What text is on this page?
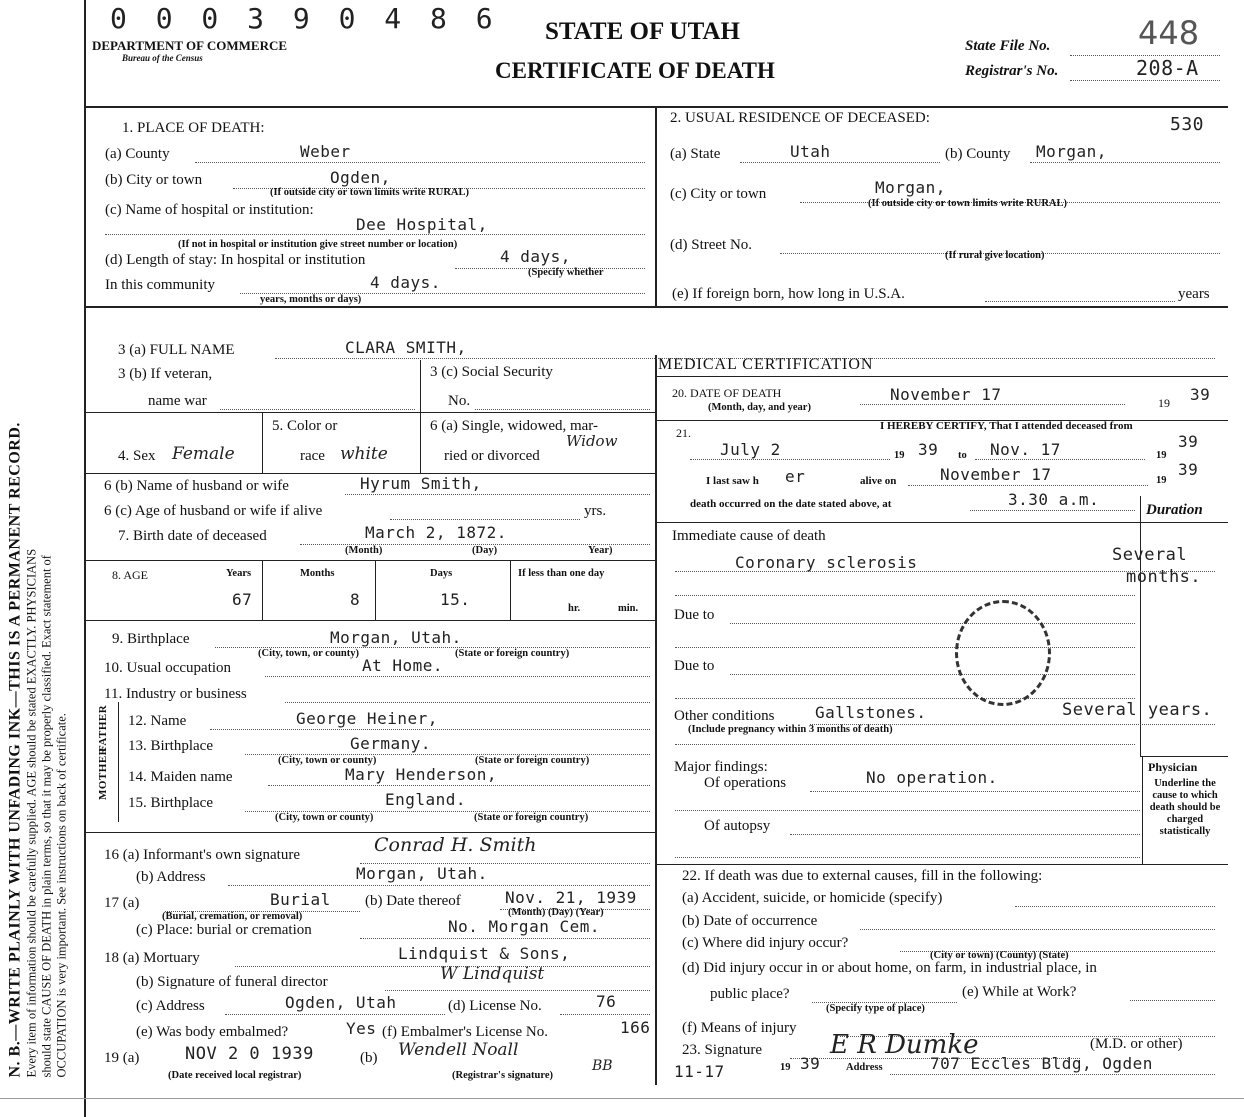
N. B.—WRITE PLAINLY WITH UNFADING INK—THIS IS A PERMANENT RECORD. Every item of information should be carefully supplied. AGE should be stated EXACTLY. PHYSICIANS should state CAUSE OF DEATH in plain terms, so that it may be properly classified. Exact statement of OCCUPATION is very important. See instructions on back of certificate.
0 0 0 3 9 0 4 8 6
DEPARTMENT OF COMMERCE
Bureau of the Census
STATE OF UTAH
CERTIFICATE OF DEATH
State File No.	448
Registrar's No.	208-A
1. PLACE OF DEATH:
(a) County	Weber
(b) City or town	Ogden,
(If outside city or town limits write RURAL)
(c) Name of hospital or institution:
Dee Hospital,
(If not in hospital or institution give street number or location)
(d) Length of stay: In hospital or institution	4 days,
(Specify whether
In this community	4 days.
years, months or days)
2. USUAL RESIDENCE OF DECEASED:	530
(a) State	Utah	(b) County Morgan,
(c) City or town	Morgan,
(If outside city or town limits write RURAL)
(d) Street No.
(If rural give location)
(e) If foreign born, how long in U.S.A.	years
3 (a) FULL NAME	CLARA SMITH,
MEDICAL CERTIFICATION
3 (b) If veteran,
name war
3 (c) Social Security
No.
4. Sex Female
5. Color or
race white
6 (a) Single, widowed, mar-
ried or divorced
Widow
6 (b) Name of husband or wife	Hyrum Smith,
6 (c) Age of husband or wife if alive	yrs.
7. Birth date of deceased	March 2, 1872.
(Month)	(Day)	Year)
8. AGE	Years	Months	Days	If less than one day
67	8	15.	hr.	min.
9. Birthplace	Morgan, Utah.
(City, town, or county)	(State or foreign country)
10. Usual occupation	At Home.
11. Industry or business
MOTHER
FATHER 12. Name	George Heiner,
13. Birthplace	Germany.
(City, town or county)	(State or foreign country)
14. Maiden name	Mary Henderson,
15. Birthplace	England.
(City, town or county)	(State or foreign country)
16 (a) Informant's own signature	Conrad H. Smith
(b) Address	Morgan, Utah.
17 (a)	Burial (b) Date thereof	Nov. 21, 1939
(Burial, cremation, or removal)	(Month) (Day) (Year)
(c) Place: burial or cremation	No. Morgan Cem.
18 (a) Mortuary	Lindquist & Sons,
(b) Signature of funeral director	W Lindquist
(c) Address	Ogden, Utah	(d) License No.	76
(e) Was body embalmed?	Yes (f) Embalmer's License No.	166
19 (a)	NOV 2 0 1939	(b) Wendell Noall
(Date received local registrar)	(Registrar's signature)
BB
20. DATE OF DEATH
(Month, day, and year)
November 17	19 39
I HEREBY CERTIFY, That I attended deceased from
21.
July 2	19 39 to Nov. 17	19
39
I last saw h er	alive on	November 17	19
39
death occurred on the date stated above, at	3.30 a.m.
Duration
Immediate cause of death
Coronary sclerosis	Several
months.
Due to
Due to
Other conditions	Gallstones.	Several years.
(Include pregnancy within 3 months of death)
Major findings:
Of operations	No operation.
Of autopsy
Physician
Underline the cause to which death should be charged statistically
22. If death was due to external causes, fill in the following:
(a) Accident, suicide, or homicide (specify)
(b) Date of occurrence
(c) Where did injury occur?
(City or town) (County) (State)
(d) Did injury occur in or about home, on farm, in industrial place, in
public place?
(Specify type of place)
(e) While at Work?
(f) Means of injury
23. Signature	E R Dumke	(M.D. or other)
11-17	19 39 Address	707 Eccles Bldg, Ogden
